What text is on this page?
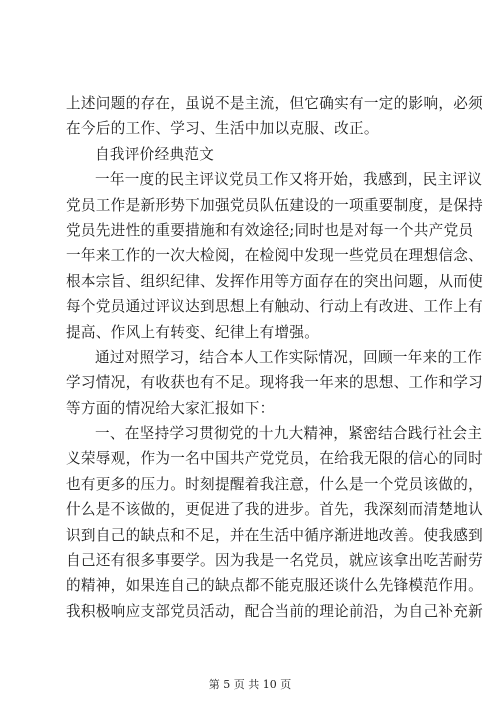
上述问题的存在，虽说不是主流，但它确实有一定的影响，必须
在今后的工作、学习、生活中加以克服、改正。
自我评价经典范文
一年一度的民主评议党员工作又将开始，我感到，民主评议
党员工作是新形势下加强党员队伍建设的一项重要制度，是保持
党员先进性的重要措施和有效途径;同时也是对每一个共产党员
一年来工作的一次大检阅，在检阅中发现一些党员在理想信念、
根本宗旨、组织纪律、发挥作用等方面存在的突出问题，从而使
每个党员通过评议达到思想上有触动、行动上有改进、工作上有
提高、作风上有转变、纪律上有增强。
通过对照学习，结合本人工作实际情况，回顾一年来的工作
学习情况，有收获也有不足。现将我一年来的思想、工作和学习
等方面的情况给大家汇报如下：
一、在坚持学习贯彻党的十九大精神，紧密结合践行社会主
义荣辱观，作为一名中国共产党党员，在给我无限的信心的同时
也有更多的压力。时刻提醒着我注意，什么是一个党员该做的，
什么是不该做的，更促进了我的进步。首先，我深刻而清楚地认
识到自己的缺点和不足，并在生活中循序渐进地改善。使我感到
自己还有很多事要学。因为我是一名党员，就应该拿出吃苦耐劳
的精神，如果连自己的缺点都不能克服还谈什么先锋模范作用。
我积极响应支部党员活动，配合当前的理论前沿，为自己补充新
第 5 页 共 10 页
